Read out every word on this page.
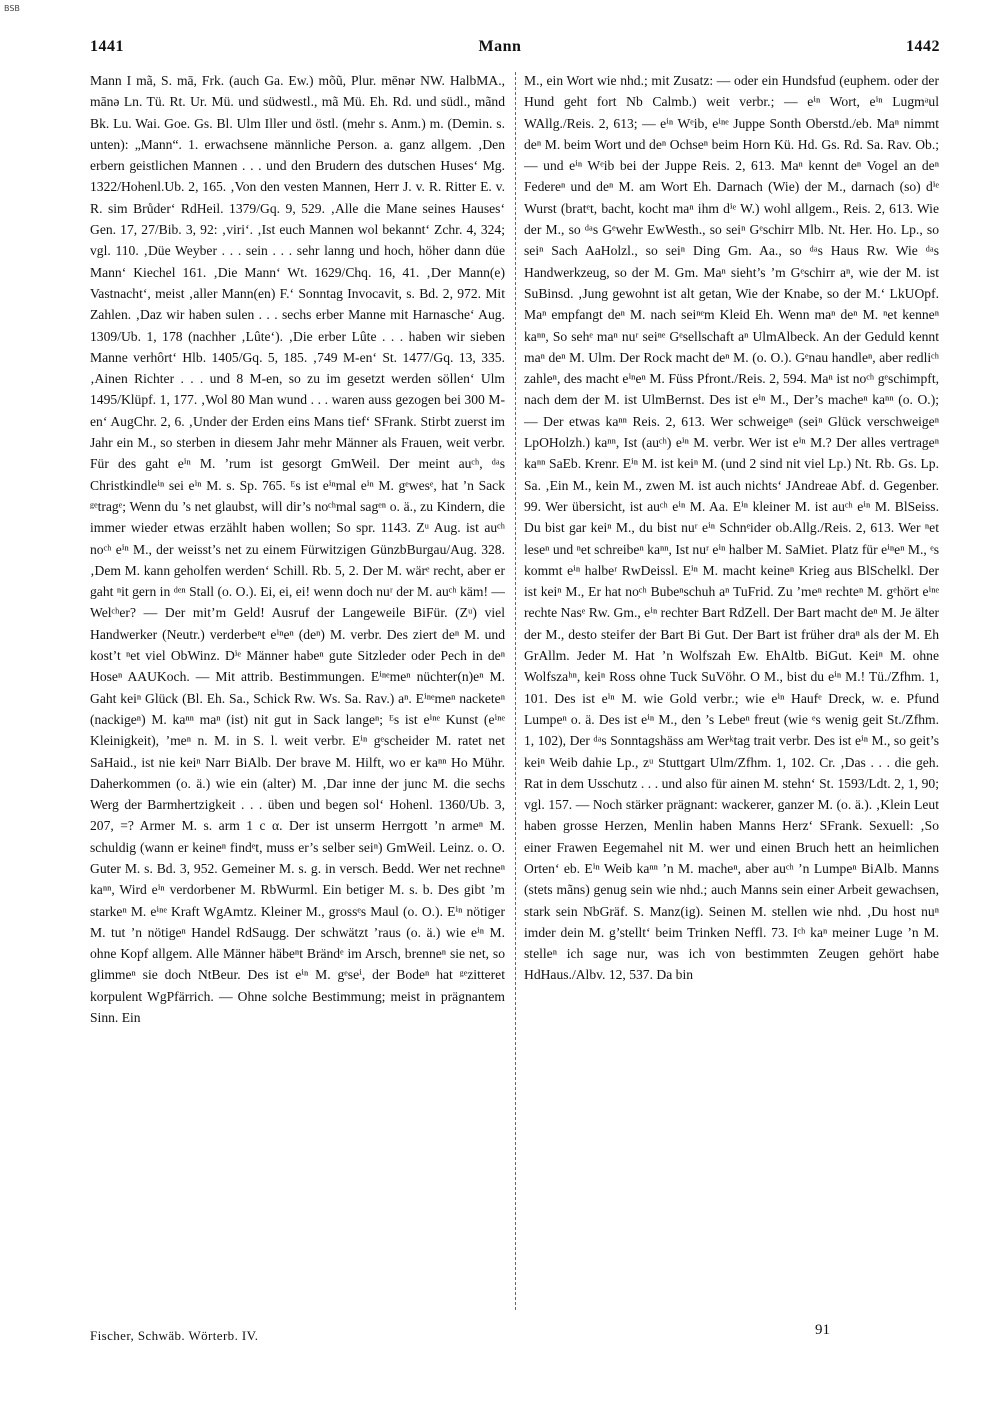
BSB
1441	Mann	1442

Mann I mã, S. mā, Frk. (auch Ga. Ew.) mõũ, Plur. mēnər NW. HalbMA., mānə Ln. Tü. Rt. Ur. Mü. und südwestl., mã Mü. Eh. Rd. und südl., mãnd Bk. Lu. Wai. Goe. Gs. Bl. Ulm Iller und östl. (mehr s. Anm.) m. (Demin. s. unten): „Mann“. 1. erwachsene männliche Person. a. ganz allgem. ‚Den erbern geistlichen Mannen . . . und den Brudern des dutschen Huses‘ Mg. 1322/Hohenl.Ub. 2, 165. ‚Von den vesten Mannen, Herr J. v. R. Ritter E. v. R. sim Brůder‘ RdHeil. 1379/Gq. 9, 529. ‚Alle die Mane seines Hauses‘ Gen. 17, 27/Bib. 3, 92: ‚viri‘. ‚Ist euch Mannen wol bekannt‘ Zchr. 4, 324; vgl. 110. ‚Düe Weyber . . . sein . . . sehr lanng und hoch, höher dann düe Mann‘ Kiechel 161. ‚Die Mann‘ Wt. 1629/Chq. 16, 41. ‚Der Mann(e) Vastnacht‘, meist ‚aller Mann(en) F.‘ Sonntag Invocavit, s. Bd. 2, 972. Mit Zahlen. ‚Daz wir haben sulen . . . sechs erber Manne mit Harnasche‘ Aug. 1309/Ub. 1, 178 (nachher ‚Lûte‘). ‚Die erber Lûte . . . haben wir sieben Manne verhôrt‘ Hlb. 1405/Gq. 5, 185. ‚749 M-en‘ St. 1477/Gq. 13, 335. ‚Ainen Richter . . . und 8 M-en, so zu im gesetzt werden söllen‘ Ulm 1495/Klüpf. 1, 177. ‚Wol 80 Man wund . . . waren auss gezogen bei 300 M-en‘ AugChr. 2, 6. ‚Under der Erden eins Mans tief‘ SFrank. Stirbt zuerst im Jahr ein M., so sterben in diesem Jahr mehr Männer als Frauen, weit verbr. Für des gaht eⁱⁿ M. ’rum ist gesorgt GmWeil. Der meint auᶜʰ, ᵈᵃs Christkindleⁱⁿ sei eⁱⁿ M. s. Sp. 765. ᴱs ist eⁱⁿmal eⁱⁿ M. gᵉwesᵉ, hat ’n Sack ᵍᵉtragᵉ; Wenn du ’s net glaubst, will dir’s noᶜʰmal sagᵉⁿ o. ä., zu Kindern, die immer wieder etwas erzählt haben wollen; So spr. 1143. Zᵘ Aug. ist auᶜʰ noᶜʰ eⁱⁿ M., der weisst’s net zu einem Fürwitzigen GünzbBurgau/Aug. 328. ‚Dem M. kann geholfen werden‘ Schill. Rb. 5, 2. Der M. wärᵉ recht, aber er gaht ⁿit gern in ᵈᵉⁿ Stall (o. O.). Ei, ei, ei! wenn doch nuʳ der M. auᶜʰ käm! — Welᶜʰer? — Der mit’m Geld! Ausruf der Langeweile BiFür. (Zᵘ) viel Handwerker (Neutr.) verderbeⁿt eⁱⁿeⁿ (deⁿ) M. verbr. Des ziert deⁿ M. und kost’t ⁿet viel ObWinz. Dⁱᵉ Männer habeⁿ gute Sitzleder oder Pech in deⁿ Hoseⁿ AAUKoch. — Mit attrib. Bestimmungen. Eⁱⁿᵉmeⁿ nüchter(n)eⁿ M. Gaht keiⁿ Glück (Bl. Eh. Sa., Schick Rw. Ws. Sa. Rav.) aⁿ. Eⁱⁿᵉmeⁿ nacketeⁿ (nackigeⁿ) M. kaⁿⁿ maⁿ (ist) nit gut in Sack langeⁿ; ᴱs ist eⁱⁿᵉ Kunst (eⁱⁿᵉ Kleinigkeit), ’meⁿ n. M. in S. l. weit verbr. Eⁱⁿ gᵉscheider M. ratet net SaHaid., ist nie keiⁿ Narr BiAlb. Der brave M. Hilft, wo er kaⁿⁿ Ho Mühr. Daherkommen (o. ä.) wie ein (alter) M. ‚Dar inne der junc M. die sechs Werg der Barmhertzigkeit . . . üben und begen sol‘ Hohenl. 1360/Ub. 3, 207, =? Armer M. s. arm 1 c α. Der ist unserm Herrgott ’n armeⁿ M. schuldig (wann er keineⁿ findᵉt, muss er’s selber seiⁿ) GmWeil. Leinz. o. O. Guter M. s. Bd. 3, 952. Gemeiner M. s. g. in versch. Bedd. Wer net rechneⁿ kaⁿⁿ, Wird eⁱⁿ verdorbener M. RbWurml. Ein betiger M. s. b. Des gibt ’m starkeⁿ M. eⁱⁿᵉ Kraft WgAmtz. Kleiner M., grossᵉs Maul (o. O.). Eⁱⁿ nötiger M. tut ’n nötigeⁿ Handel RdSaugg. Der schwätzt ’raus (o. ä.) wie eⁱⁿ M. ohne Kopf allgem. Alle Männer häbeⁿt Brändᵉ im Arsch, brenneⁿ sie net, so glimmeⁿ sie doch NtBeur. Des ist eⁱⁿ M. gᵉseⁱ, der Bodeⁿ hat ᵍᵉzitteret korpulent WgPfärrich. — Ohne solche Bestimmung; meist in prägnantem Sinn. Ein

M., ein Wort wie nhd.; mit Zusatz: — oder ein Hundsfud (euphem. oder der Hund geht fort Nb Calmb.) weit verbr.; — eⁱⁿ Wort, eⁱⁿ Lugmᵃul WAllg./Reis. 2, 613; — eⁱⁿ Wᵉib, eⁱⁿᵉ Juppe Sonth Oberstd./eb. Maⁿ nimmt deⁿ M. beim Wort und deⁿ Ochseⁿ beim Horn Kü. Hd. Gs. Rd. Sa. Rav. Ob.; — und eⁱⁿ Wᵉib bei der Juppe Reis. 2, 613. Maⁿ kennt deⁿ Vogel an deⁿ Federeⁿ und deⁿ M. am Wort Eh. Darnach (Wie) der M., darnach (so) dⁱᵉ Wurst (bratᵉt, bacht, kocht maⁿ ihm dⁱᵉ W.) wohl allgem., Reis. 2, 613. Wie der M., so ᵈᵃs Gᵉwehr EwWesth., so seiⁿ Gᵉschirr Mlb. Nt. Her. Ho. Lp., so seiⁿ Sach AaHolzl., so seiⁿ Ding Gm. Aa., so ᵈᵃs Haus Rw. Wie ᵈᵃs Handwerkzeug, so der M. Gm. Maⁿ sieht’s ’m Gᵉschirr aⁿ, wie der M. ist SuBinsd. ‚Jung gewohnt ist alt getan, Wie der Knabe, so der M.‘ LkUOpf. Maⁿ empfangt deⁿ M. nach seiⁿᵉm Kleid Eh. Wenn maⁿ deⁿ M. ⁿet kenneⁿ kaⁿⁿ, So sehᵉ maⁿ nuʳ seiⁿᵉ Gᵉsellschaft aⁿ UlmAlbeck. An der Geduld kennt maⁿ deⁿ M. Ulm. Der Rock macht deⁿ M. (o. O.). Gᵉnau handleⁿ, aber redliᶜʰ zahleⁿ, des macht eⁱⁿeⁿ M. Füss Pfront./Reis. 2, 594. Maⁿ ist noᶜʰ gᵉschimpft, nach dem der M. ist UlmBernst. Des ist eⁱⁿ M., Der’s macheⁿ kaⁿⁿ (o. O.); — Der etwas kaⁿⁿ Reis. 2, 613. Wer schweigeⁿ (seiⁿ Glück verschweigeⁿ LpOHolzh.) kaⁿⁿ, Ist (auᶜʰ) eⁱⁿ M. verbr. Wer ist eⁱⁿ M.? Der alles vertrageⁿ kaⁿⁿ SaEb. Krenr. Eⁱⁿ M. ist keiⁿ M. (und 2 sind nit viel Lp.) Nt. Rb. Gs. Lp. Sa. ‚Ein M., kein M., zwen M. ist auch nichts‘ JAndreae Abf. d. Gegenber. 99. Wer übersicht, ist auᶜʰ eⁱⁿ M. Aa. Eⁱⁿ kleiner M. ist auᶜʰ eⁱⁿ M. BlSeiss. Du bist gar keiⁿ M., du bist nuʳ eⁱⁿ Schnᵉider ob.Allg./Reis. 2, 613. Wer ⁿet leseⁿ und ⁿet schreibeⁿ kaⁿⁿ, Ist nuʳ eⁱⁿ halber M. SaMiet. Platz für eⁱⁿeⁿ M., ᵉs kommt eⁱⁿ halbeʳ RwDeissl. Eⁱⁿ M. macht keineⁿ Krieg aus BlSchelkl. Der ist keiⁿ M., Er hat noᶜʰ Bubeⁿschuh aⁿ TuFrid. Zu ’meⁿ rechteⁿ M. gᵉhört eⁱⁿᵉ rechte Nasᵉ Rw. Gm., eⁱⁿ rechter Bart RdZell. Der Bart macht deⁿ M. Je älter der M., desto steifer der Bart Bi Gut. Der Bart ist früher draⁿ als der M. Eh GrAllm. Jeder M. Hat ’n Wolfszah Ew. EhAltb. BiGut. Keiⁿ M. ohne Wolfszaʰⁿ, keiⁿ Ross ohne Tuck SuVöhr. O M., bist du eⁱⁿ M.! Tü./Zfhm. 1, 101. Des ist eⁱⁿ M. wie Gold verbr.; wie eⁱⁿ Haufᵉ Dreck, w. e. Pfund Lumpeⁿ o. ä. Des ist eⁱⁿ M., den ’s Lebeⁿ freut (wie ᵉs wenig geit St./Zfhm. 1, 102), Der ᵈᵃs Sonntagshäss am Werᵏtag trait verbr. Des ist eⁱⁿ M., so geit’s keiⁿ Weib dahie Lp., zᵘ Stuttgart Ulm/Zfhm. 1, 102. Cr. ‚Das . . . die geh. Rat in dem Usschutz . . . und also für ainen M. stehn‘ St. 1593/Ldt. 2, 1, 90; vgl. 157. — Noch stärker prägnant: wackerer, ganzer M. (o. ä.). ‚Klein Leut haben grosse Herzen, Menlin haben Manns Herz‘ SFrank. Sexuell: ‚So einer Frawen Eegemahel nit M. wer und einen Bruch hett an heimlichen Orten‘ eb. Eⁱⁿ Weib kaⁿⁿ ’n M. macheⁿ, aber auᶜʰ ’n Lumpeⁿ BiAlb. Manns (stets mãns) genug sein wie nhd.; auch Manns sein einer Arbeit gewachsen, stark sein NbGräf. S. Manz(ig). Seinen M. stellen wie nhd. ‚Du host nuⁿ imder dein M. g’stellt‘ beim Trinken Neffl. 73. Iᶜʰ kaⁿ meiner Luge ’n M. stelleⁿ ich sage nur, was ich von bestimmten Zeugen gehört habe HdHaus./Albv. 12, 537. Da bin

Fischer, Schwäb. Wörterb. IV.	91
